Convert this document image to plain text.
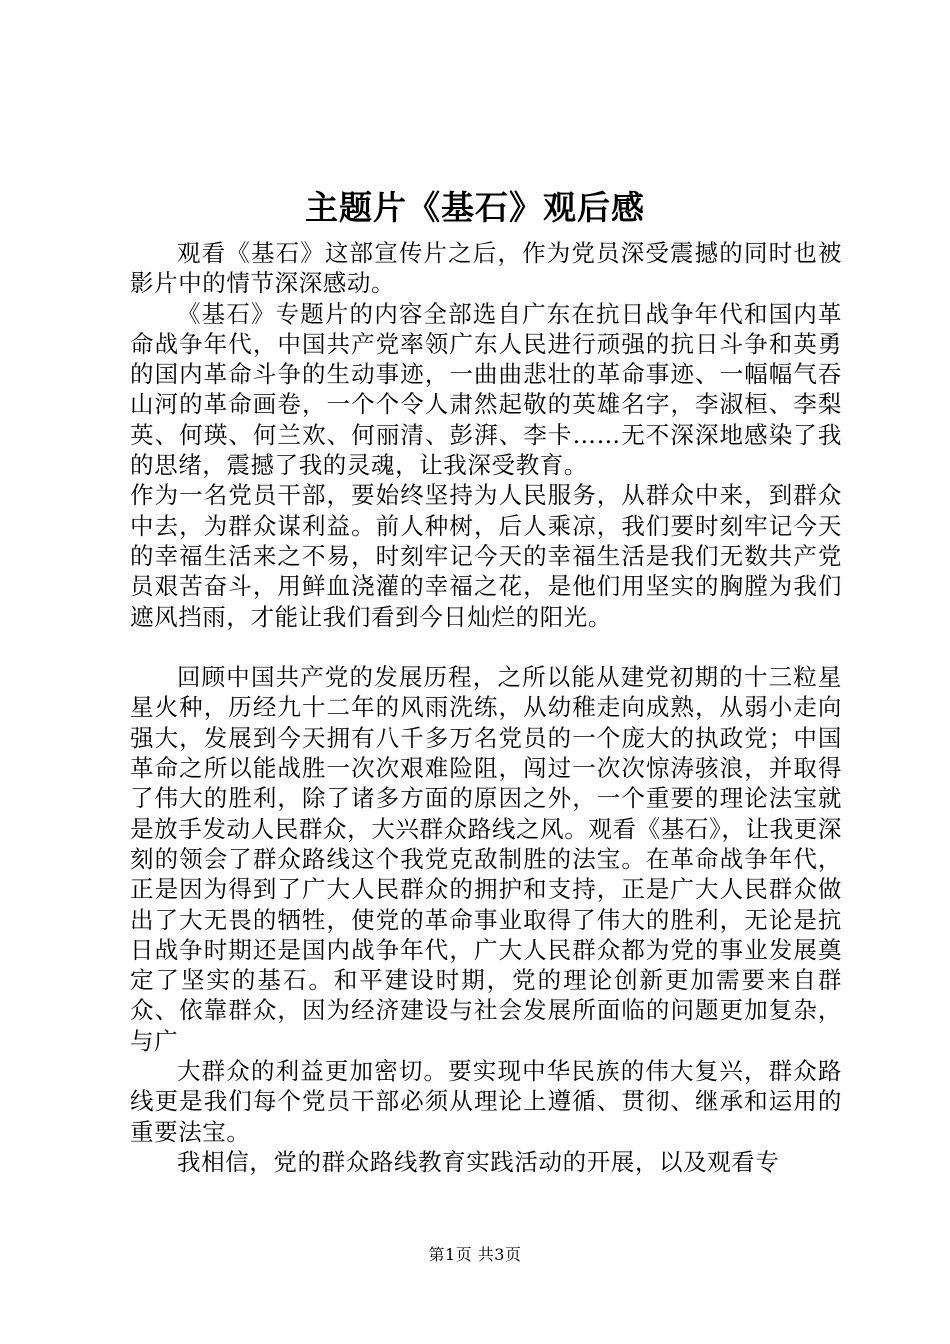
主题片《基石》观后感

观看《基石》这部宣传片之后，作为党员深受震撼的同时也被影片中的情节深深感动。

《基石》专题片的内容全部选自广东在抗日战争年代和国内革命战争年代，中国共产党率领广东人民进行顽强的抗日斗争和英勇的国内革命斗争的生动事迹，一曲曲悲壮的革命事迹、一幅幅气吞山河的革命画卷，一个个令人肃然起敬的英雄名字，李淑桓、李梨英、何瑛、何兰欢、何丽清、彭湃、李卡……无不深深地感染了我的思绪，震撼了我的灵魂，让我深受教育。

作为一名党员干部，要始终坚持为人民服务，从群众中来，到群众中去，为群众谋利益。前人种树，后人乘凉，我们要时刻牢记今天的幸福生活来之不易，时刻牢记今天的幸福生活是我们无数共产党员艰苦奋斗，用鲜血浇灌的幸福之花，是他们用坚实的胸膛为我们遮风挡雨，才能让我们看到今日灿烂的阳光。

回顾中国共产党的发展历程，之所以能从建党初期的十三粒星星火种，历经九十二年的风雨洗练，从幼稚走向成熟，从弱小走向强大，发展到今天拥有八千多万名党员的一个庞大的执政党；中国革命之所以能战胜一次次艰难险阻，闯过一次次惊涛骇浪，并取得了伟大的胜利，除了诸多方面的原因之外，一个重要的理论法宝就是放手发动人民群众，大兴群众路线之风。观看《基石》，让我更深刻的领会了群众路线这个我党克敌制胜的法宝。在革命战争年代，正是因为得到了广大人民群众的拥护和支持，正是广大人民群众做出了大无畏的牺牲，使党的革命事业取得了伟大的胜利，无论是抗日战争时期还是国内战争年代，广大人民群众都为党的事业发展奠定了坚实的基石。和平建设时期，党的理论创新更加需要来自群众、依靠群众，因为经济建设与社会发展所面临的问题更加复杂，与广

大群众的利益更加密切。要实现中华民族的伟大复兴，群众路线更是我们每个党员干部必须从理论上遵循、贯彻、继承和运用的重要法宝。

我相信，党的群众路线教育实践活动的开展，以及观看专

第1页 共3页
